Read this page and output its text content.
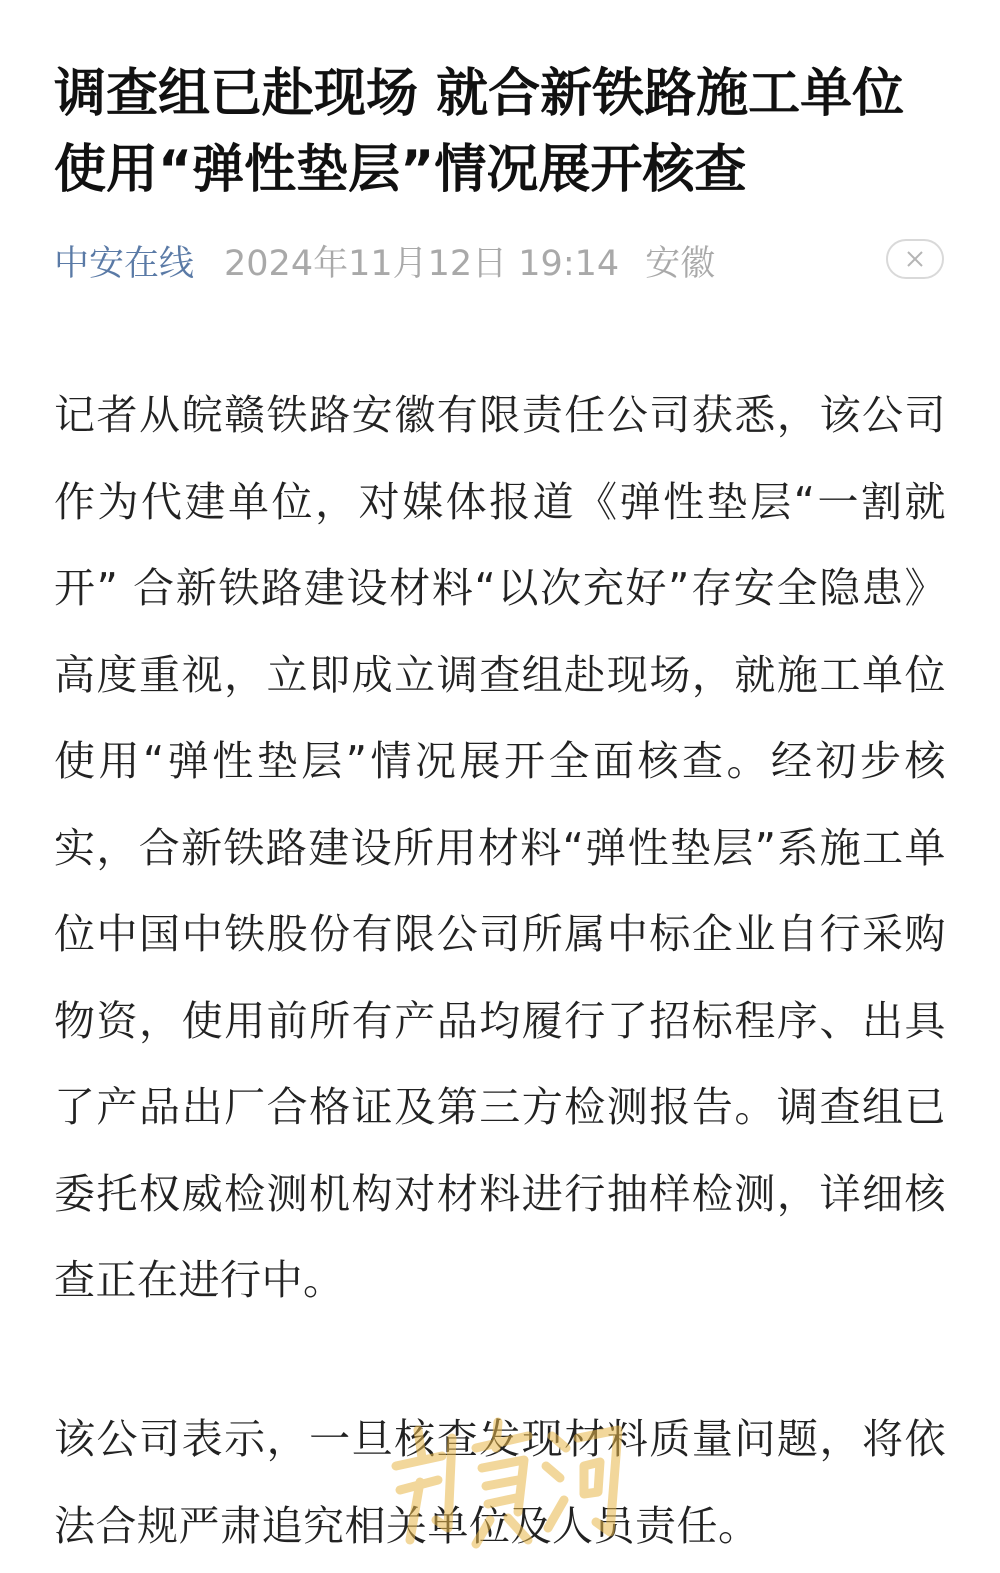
调查组已赴现场 就合新铁路施工单位使用“弹性垫层”情况展开核查
中安在线 2024年11月12日 19:14 安徽

记者从皖赣铁路安徽有限责任公司获悉，该公司作为代建单位，对媒体报道《弹性垫层“一割就开” 合新铁路建设材料“以次充好”存安全隐患》高度重视，立即成立调查组赴现场，就施工单位使用“弹性垫层”情况展开全面核查。经初步核实，合新铁路建设所用材料“弹性垫层”系施工单位中国中铁股份有限公司所属中标企业自行采购物资，使用前所有产品均履行了招标程序、出具了产品出厂合格证及第三方检测报告。调查组已委托权威检测机构对材料进行抽样检测，详细核查正在进行中。

该公司表示，一旦核查发现材料质量问题，将依法合规严肃追究相关单位及人员责任。
